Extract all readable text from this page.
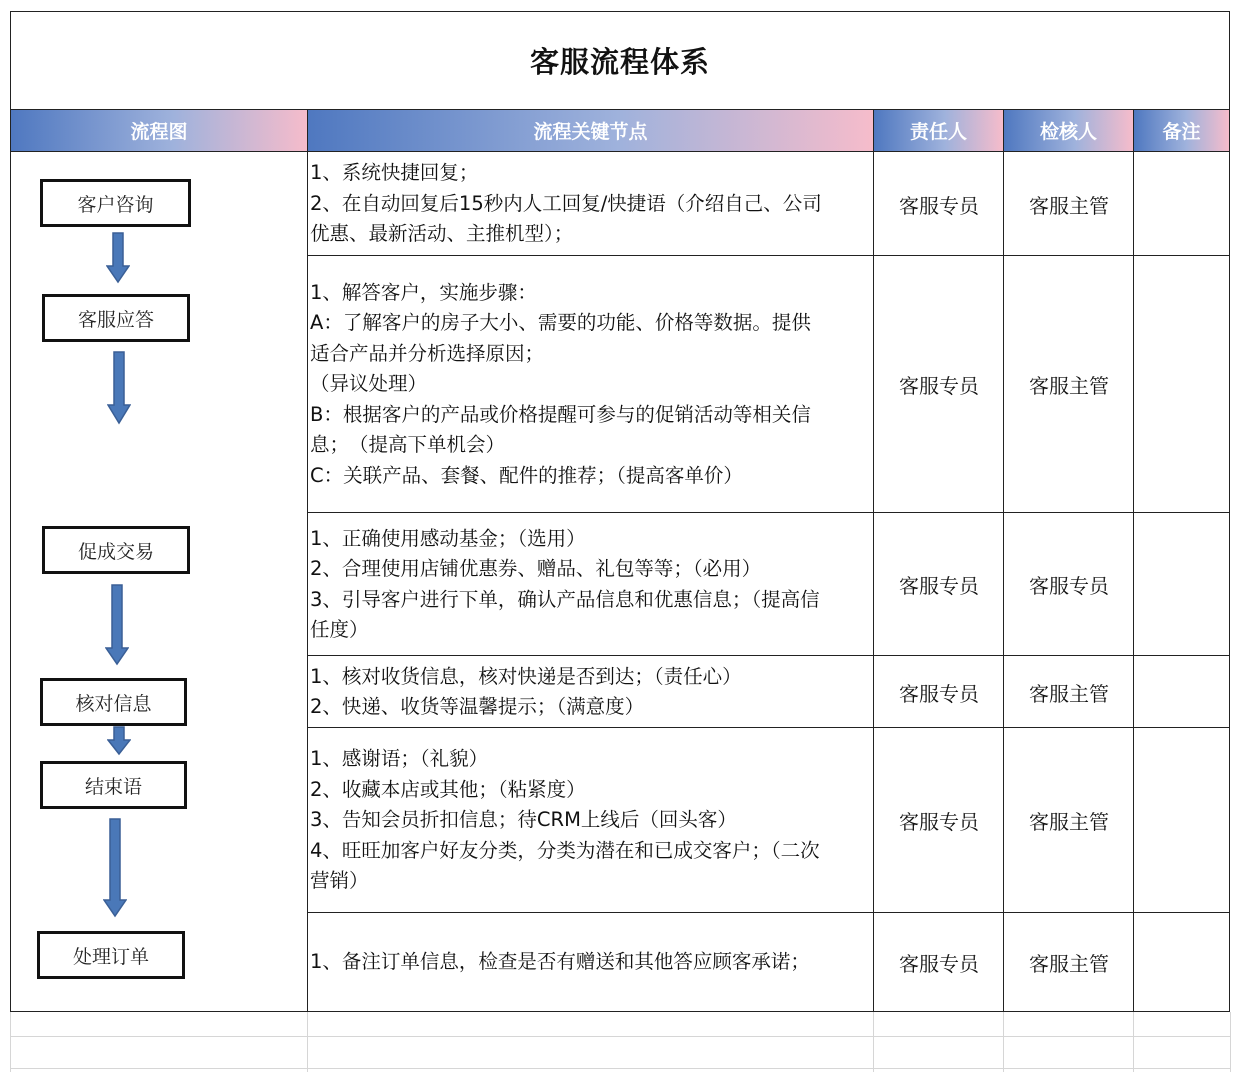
客服流程体系
流程图	流程关键节点	责任人	检核人	备注
1、系统快捷回复；
2、在自动回复后15秒内人工回复/快捷语（介绍自己、公司
优惠、最新活动、主推机型）；
客服专员	客服主管
1、解答客户，实施步骤：
A：了解客户的房子大小、需要的功能、价格等数据。提供
适合产品并分析选择原因；
（异议处理）
B：根据客户的产品或价格提醒可参与的促销活动等相关信
息；　（提高下单机会）
C：关联产品、套餐、配件的推荐；（提高客单价）
客服专员	客服主管
1、正确使用感动基金；（选用）
2、合理使用店铺优惠券、赠品、礼包等等；（必用）
3、引导客户进行下单，确认产品信息和优惠信息；（提高信
任度）
客服专员	客服专员
1、核对收货信息，核对快递是否到达；（责任心）
2、快递、收货等温馨提示；（满意度）
客服专员	客服主管
1、感谢语；（礼貌）
2、收藏本店或其他；（粘紧度）
3、告知会员折扣信息；待CRM上线后（回头客）
4、旺旺加客户好友分类，分类为潜在和已成交客户；（二次
营销）
客服专员	客服主管
1、备注订单信息，检查是否有赠送和其他答应顾客承诺；	客服专员	客服主管
客户咨询
客服应答
促成交易
核对信息
结束语
处理订单
